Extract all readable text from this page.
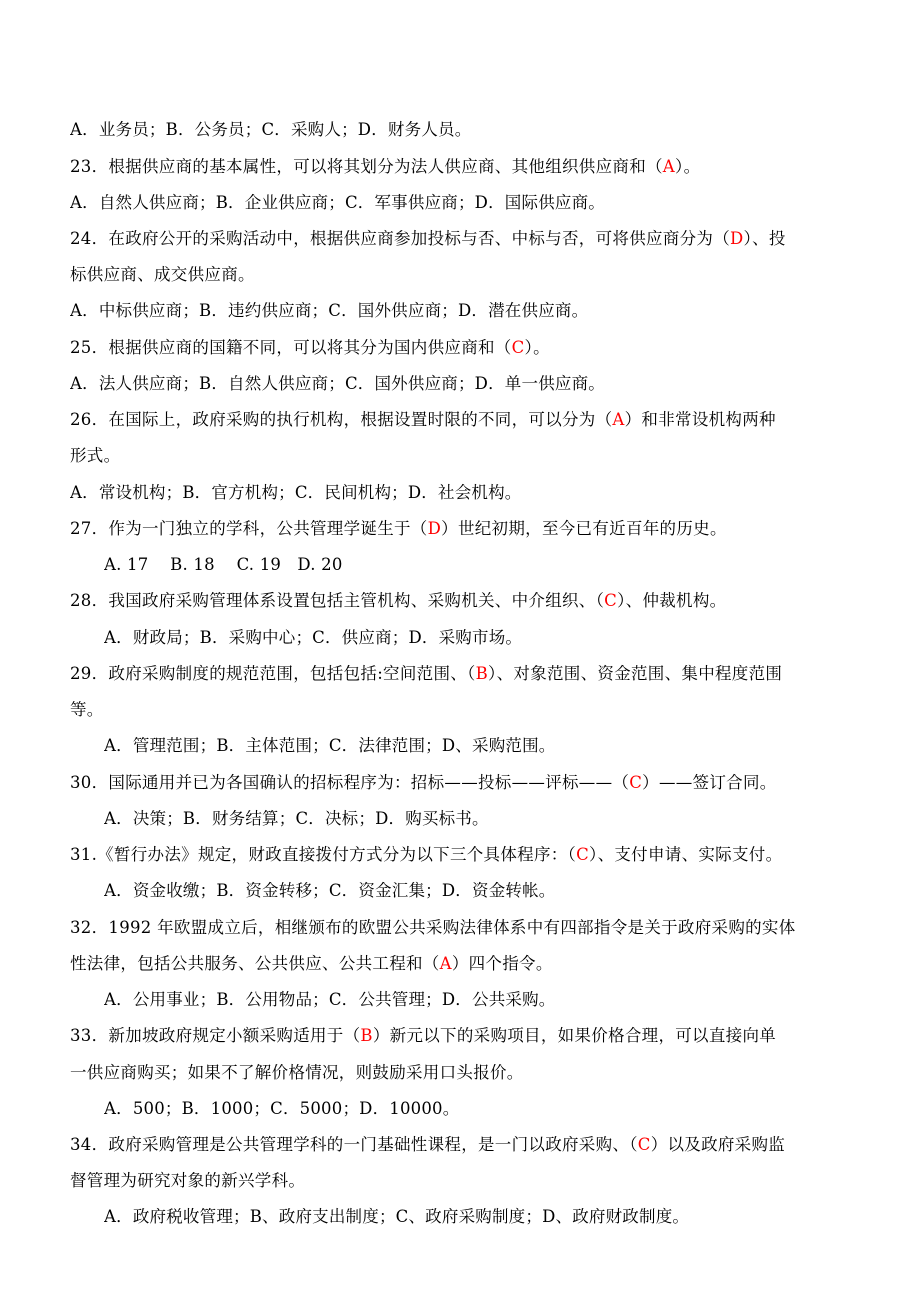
A．业务员；B．公务员；C．采购人；D．财务人员。
23．根据供应商的基本属性，可以将其划分为法人供应商、其他组织供应商和（A）。
A．自然人供应商；B．企业供应商；C．军事供应商；D．国际供应商。
24．在政府公开的采购活动中，根据供应商参加投标与否、中标与否，可将供应商分为（D）、投
标供应商、成交供应商。
A．中标供应商；B．违约供应商；C．国外供应商；D．潜在供应商。
25．根据供应商的国籍不同，可以将其分为国内供应商和（C）。
A．法人供应商；B．自然人供应商；C．国外供应商；D．单一供应商。
26．在国际上，政府采购的执行机构，根据设置时限的不同，可以分为（A）和非常设机构两种
形式。
A．常设机构；B．官方机构；C．民间机构；D．社会机构。
27．作为一门独立的学科，公共管理学诞生于（D）世纪初期，至今已有近百年的历史。
A. 17    B. 18    C. 19   D. 20
28．我国政府采购管理体系设置包括主管机构、采购机关、中介组织、（C）、仲裁机构。
A．财政局；B．采购中心；C．供应商；D．采购市场。
29．政府采购制度的规范范围，包括包括:空间范围、（B）、对象范围、资金范围、集中程度范围
等。
A．管理范围；B．主体范围；C．法律范围；D、采购范围。
30．国际通用并已为各国确认的招标程序为：招标——投标——评标——（C）——签订合同。
A．决策；B．财务结算；C．决标；D．购买标书。
31.《暂行办法》规定，财政直接拨付方式分为以下三个具体程序：（C）、支付申请、实际支付。
A．资金收缴；B．资金转移；C．资金汇集；D．资金转帐。
32．1992 年欧盟成立后，相继颁布的欧盟公共采购法律体系中有四部指令是关于政府采购的实体
性法律，包括公共服务、公共供应、公共工程和（A）四个指令。
A．公用事业；B．公用物品；C．公共管理；D．公共采购。
33．新加坡政府规定小额采购适用于（B）新元以下的采购项目，如果价格合理，可以直接向单
一供应商购买；如果不了解价格情况，则鼓励采用口头报价。
A．500；B．1000；C．5000；D．10000。
34．政府采购管理是公共管理学科的一门基础性课程，是一门以政府采购、（C）以及政府采购监
督管理为研究对象的新兴学科。
A．政府税收管理；B、政府支出制度；C、政府采购制度；D、政府财政制度。
